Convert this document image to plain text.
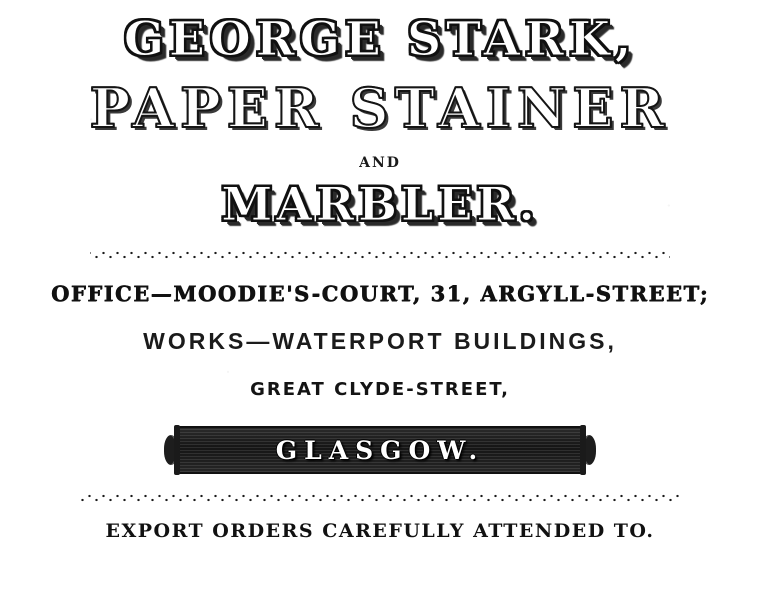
GEORGE STARK,
PAPER STAINER
AND
MARBLER.
OFFICE—MOODIE'S-COURT, 31, ARGYLL-STREET;
WORKS—WATERPORT BUILDINGS,
GREAT CLYDE-STREET,
GLASGOW.
EXPORT ORDERS CAREFULLY ATTENDED TO.
